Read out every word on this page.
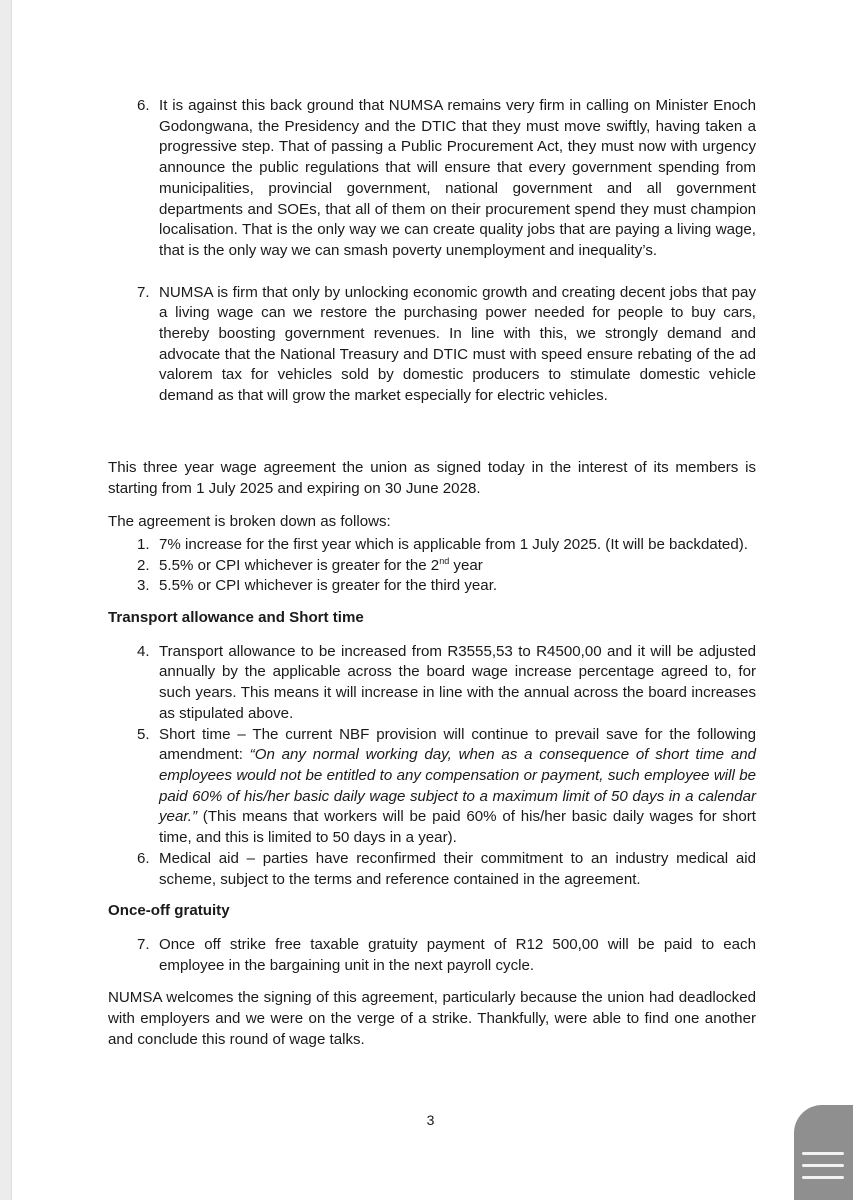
6. It is against this back ground that NUMSA remains very firm in calling on Minister Enoch Godongwana, the Presidency and the DTIC that they must move swiftly, having taken a progressive step. That of passing a Public Procurement Act, they must now with urgency announce the public regulations that will ensure that every government spending from municipalities, provincial government, national government and all government departments and SOEs, that all of them on their procurement spend they must champion localisation. That is the only way we can create quality jobs that are paying a living wage, that is the only way we can smash poverty unemployment and inequality’s.
7. NUMSA is firm that only by unlocking economic growth and creating decent jobs that pay a living wage can we restore the purchasing power needed for people to buy cars, thereby boosting government revenues. In line with this, we strongly demand and advocate that the National Treasury and DTIC must with speed ensure rebating of the ad valorem tax for vehicles sold by domestic producers to stimulate domestic vehicle demand as that will grow the market especially for electric vehicles.

This three year wage agreement the union as signed today in the interest of its members is starting from 1 July 2025 and expiring on 30 June 2028.

The agreement is broken down as follows:

1. 7% increase for the first year which is applicable from 1 July 2025. (It will be backdated).
2. 5.5% or CPI whichever is greater for the 2nd year
3. 5.5% or CPI whichever is greater for the third year.
Transport allowance and Short time
4. Transport allowance to be increased from R3555,53 to R4500,00 and it will be adjusted annually by the applicable across the board wage increase percentage agreed to, for such years. This means it will increase in line with the annual across the board increases as stipulated above.
5. Short time – The current NBF provision will continue to prevail save for the following amendment: “On any normal working day, when as a consequence of short time and employees would not be entitled to any compensation or payment, such employee will be paid 60% of his/her basic daily wage subject to a maximum limit of 50 days in a calendar year.” (This means that workers will be paid 60% of his/her basic daily wages for short time, and this is limited to 50 days in a year).
6. Medical aid – parties have reconfirmed their commitment to an industry medical aid scheme, subject to the terms and reference contained in the agreement.
Once-off gratuity
7. Once off strike free taxable gratuity payment of R12 500,00 will be paid to each employee in the bargaining unit in the next payroll cycle.

NUMSA welcomes the signing of this agreement, particularly because the union had deadlocked with employers and we were on the verge of a strike. Thankfully, were able to find one another and conclude this round of wage talks.

3
